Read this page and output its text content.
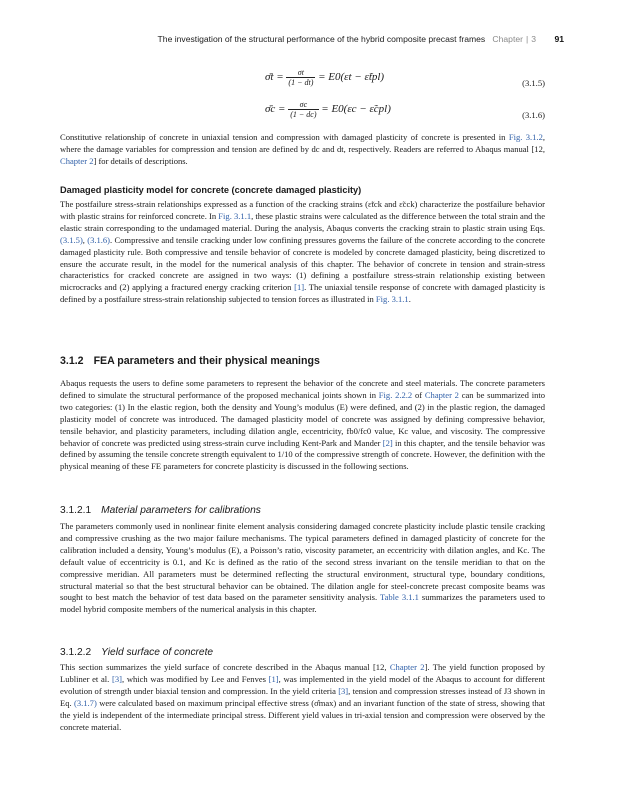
The investigation of the structural performance of the hybrid composite precast frames Chapter | 3 91
σ̄t = $\frac{\sigma t}{(1 - dt)} = E0(\varepsilon t$ − ε̃tpl)	(3.1.5)
σ̄c = $\frac{\sigma c}{(1 - dc)} = E0(\varepsilon c$ − ε̃cpl)	(3.1.6)

Constitutive relationship of concrete in uniaxial tension and compression with damaged plasticity of concrete is presented in Fig. 3.1.2, where the damage variables for compression and tension are defined by dc and dt, respectively. Readers are referred to Abaqus manual [12, Chapter 2] for details of descriptions.

Damaged plasticity model for concrete (concrete damaged plasticity)

The postfailure stress-strain relationships expressed as a function of the cracking strains (ε̃tck and ε̃cck) characterize the postfailure behavior with plastic strains for reinforced concrete. In Fig. 3.1.1, these plastic strains were calculated as the difference between the total strain and the elastic strain corresponding to the undamaged material. During the analysis, Abaqus converts the cracking strain to plastic strain using Eqs. (3.1.5), (3.1.6). Compressive and tensile cracking under low confining pressures governs the failure of the concrete according to the concrete damaged plasticity rule. Both compressive and tensile behavior of concrete is modeled by concrete damaged plasticity, being discretized to ensure the accurate result, in the model for the numerical analysis of this chapter. The behavior of concrete in tension and strain-stress characteristics for cracked concrete are assigned in two ways: (1) defining a postfailure stress-strain relationship existing between microcracks and (2) applying a fractured energy cracking criterion [1]. The uniaxial tensile response of concrete with damaged plasticity is defined by a postfailure stress-strain relationship subjected to tension forces as illustrated in Fig. 3.1.1.

3.1.2 FEA parameters and their physical meanings

Abaqus requests the users to define some parameters to represent the behavior of the concrete and steel materials. The concrete parameters defined to simulate the structural performance of the proposed mechanical joints shown in Fig. 2.2.2 of Chapter 2 can be summarized into two categories: (1) In the elastic region, both the density and Young’s modulus (E) were defined, and (2) in the plastic region, the damaged plasticity model of concrete was introduced. The damaged plasticity model of concrete was assigned by defining compressive behavior, tensile behavior, and plasticity parameters, including dilation angle, eccentricity, fb0/fc0 value, Kc value, and viscosity. The compressive behavior of concrete was predicted using stress-strain curve including Kent-Park and Mander [2] in this chapter, and the tensile behavior was defined by assuming the tensile concrete strength equivalent to 1/10 of the compressive strength of concrete. However, the definition with the physical meaning of these FE parameters for concrete plasticity is discussed in the following sections.

3.1.2.1 Material parameters for calibrations

The parameters commonly used in nonlinear finite element analysis considering damaged concrete plasticity include plastic tensile cracking and compressive crushing as the two major failure mechanisms. The typical parameters defined in damaged plasticity of concrete for the calibration included a density, Young’s modulus (E), a Poisson’s ratio, viscosity parameter, an eccentricity with dilation angles, and Kc. The default value of eccentricity is 0.1, and Kc is defined as the ratio of the second stress invariant on the tensile meridian to that on the compressive meridian. All parameters must be determined reflecting the structural environment, structural type, boundary conditions, structural material so that the best structural behavior can be obtained. The dilation angle for steel-concrete precast composite beams was sought to best match the behavior of test data based on the parameter sensitivity analysis. Table 3.1.1 summarizes the parameters used to model hybrid composite members of the numerical analysis in this chapter.

3.1.2.2 Yield surface of concrete

This section summarizes the yield surface of concrete described in the Abaqus manual [12, Chapter 2]. The yield function proposed by Lubliner et al. [3], which was modified by Lee and Fenves [1], was implemented in the yield model of the Abaqus to account for different evolution of strength under biaxial tension and compression. In the yield criteria [3], tension and compression stresses instead of J3 shown in Eq. (3.1.7) were calculated based on maximum principal effective stress (σ̂max) and an invariant function of the state of stress, showing that the yield is independent of the intermediate principal stress. Different yield values in tri-axial tension and compression were observed by the concrete material.
